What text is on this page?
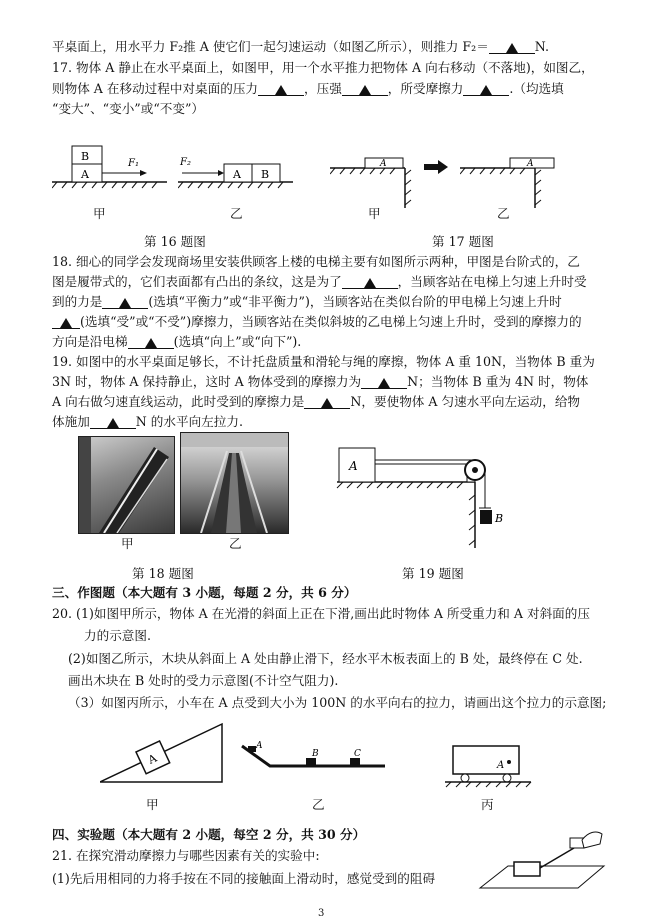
平桌面上，用水平力 F₂推 A 使它们一起匀速运动（如图乙所示），则推力 F₂＝	N.
17. 物体 A 静止在水平桌面上，如图甲，用一个水平推力把物体 A 向右移动（不落地)，如图乙，
则物体 A 在移动过程中对桌面的压力	，压强	，所受摩擦力	.（均选填
“变大”、“变小”或“不变”）
B
A
F₁
A B
F₂
甲	乙
A	A
甲	乙
第 16 题图	第 17 题图
18. 细心的同学会发现商场里安装供顾客上楼的电梯主要有如图所示两种，甲图是台阶式的，乙
图是履带式的，它们表面都有凸出的条纹，这是为了	，当顾客站在电梯上匀速上升时受
到的力是	(选填“平衡力”或“非平衡力”)，当顾客站在类似台阶的甲电梯上匀速上升时
(选填“受”或“不受”)摩擦力，当顾客站在类似斜坡的乙电梯上匀速上升时，受到的摩擦力的
方向是沿电梯	(选填“向上”或“向下”).
19. 如图中的水平桌面足够长，不计托盘质量和滑轮与绳的摩擦，物体 A 重 10N，当物体 B 重为
3N 时，物体 A 保持静止，这时 A 物体受到的摩擦力为	N；当物体 B 重为 4N 时，物体
A 向右做匀速直线运动，此时受到的摩擦力是	N，要使物体 A 匀速水平向左运动，给物
体施加	N 的水平向左拉力.
甲	乙
A
B
第 18 题图	第 19 题图
三、作图题（本大题有 3 小题，每题 2 分，共 6 分）
20. (1)如图甲所示，物体 A 在光滑的斜面上正在下滑,画出此时物体 A 所受重力和 A 对斜面的压
力的示意图.
(2)如图乙所示，木块从斜面上 A 处由静止滑下，经水平木板表面上的 B 处，最终停在 C 处.
画出木块在 B 处时的受力示意图(不计空气阻力).
（3）如图丙所示，小车在 A 点受到大小为 100N 的水平向右的拉力，请画出这个拉力的示意图;
A
甲
A
B	C
乙
A
丙
四、实验题（本大题有 2 小题，每空 2 分，共 30 分）
21. 在探究滑动摩擦力与哪些因素有关的实验中:
(1)先后用相同的力将手按在不同的接触面上滑动时，感觉受到的阻碍
3
